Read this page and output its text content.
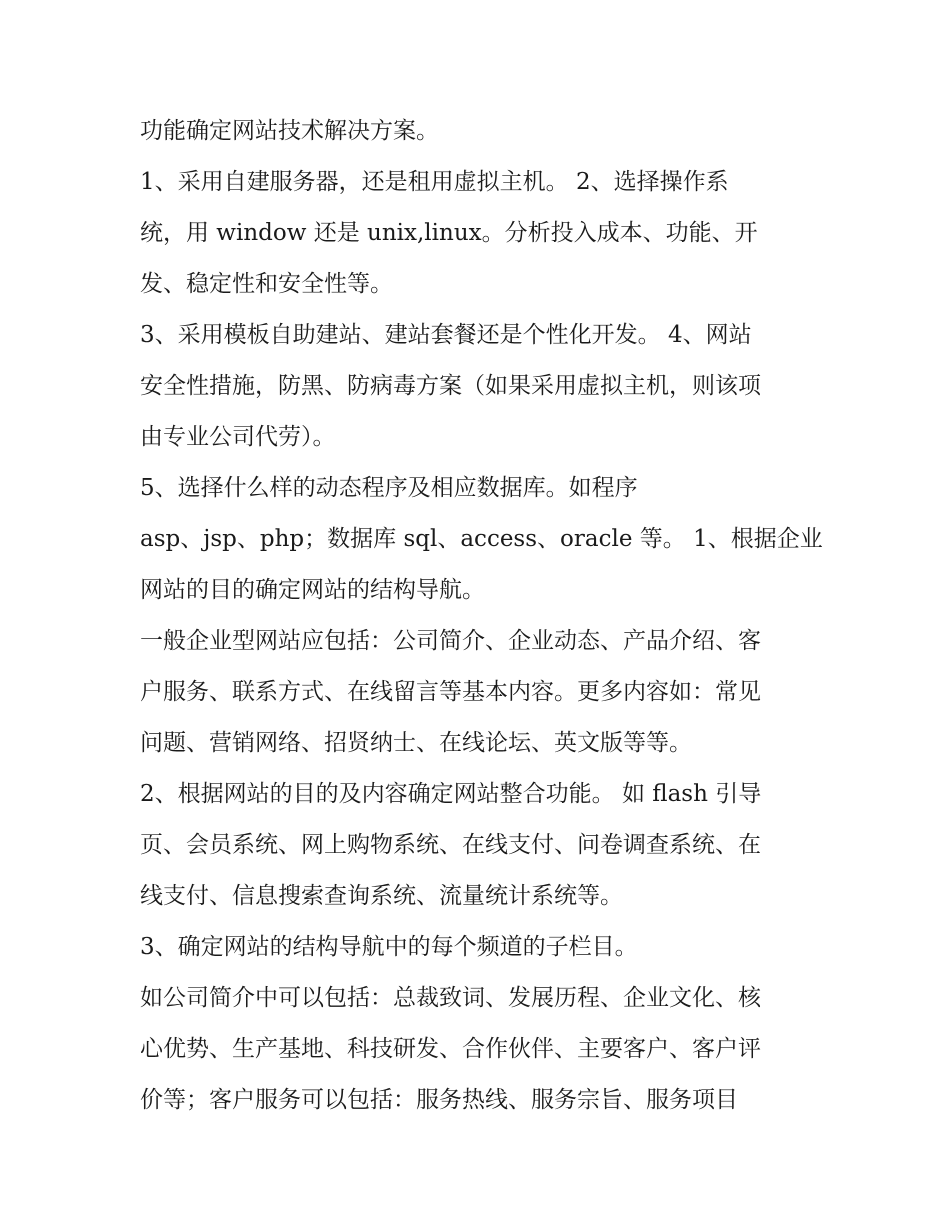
功能确定网站技术解决方案。
1、采用自建服务器，还是租用虚拟主机。 2、选择操作系
统，用 window 还是 unix,linux。分析投入成本、功能、开
发、稳定性和安全性等。
3、采用模板自助建站、建站套餐还是个性化开发。 4、网站
安全性措施，防黑、防病毒方案（如果采用虚拟主机，则该项
由专业公司代劳）。
5、选择什么样的动态程序及相应数据库。如程序
asp、jsp、php；数据库 sql、access、oracle 等。 1、根据企业
网站的目的确定网站的结构导航。
一般企业型网站应包括：公司简介、企业动态、产品介绍、客
户服务、联系方式、在线留言等基本内容。更多内容如：常见
问题、营销网络、招贤纳士、在线论坛、英文版等等。
2、根据网站的目的及内容确定网站整合功能。 如 flash 引导
页、会员系统、网上购物系统、在线支付、问卷调查系统、在
线支付、信息搜索查询系统、流量统计系统等。
3、确定网站的结构导航中的每个频道的子栏目。
如公司简介中可以包括：总裁致词、发展历程、企业文化、核
心优势、生产基地、科技研发、合作伙伴、主要客户、客户评
价等；客户服务可以包括：服务热线、服务宗旨、服务项目
